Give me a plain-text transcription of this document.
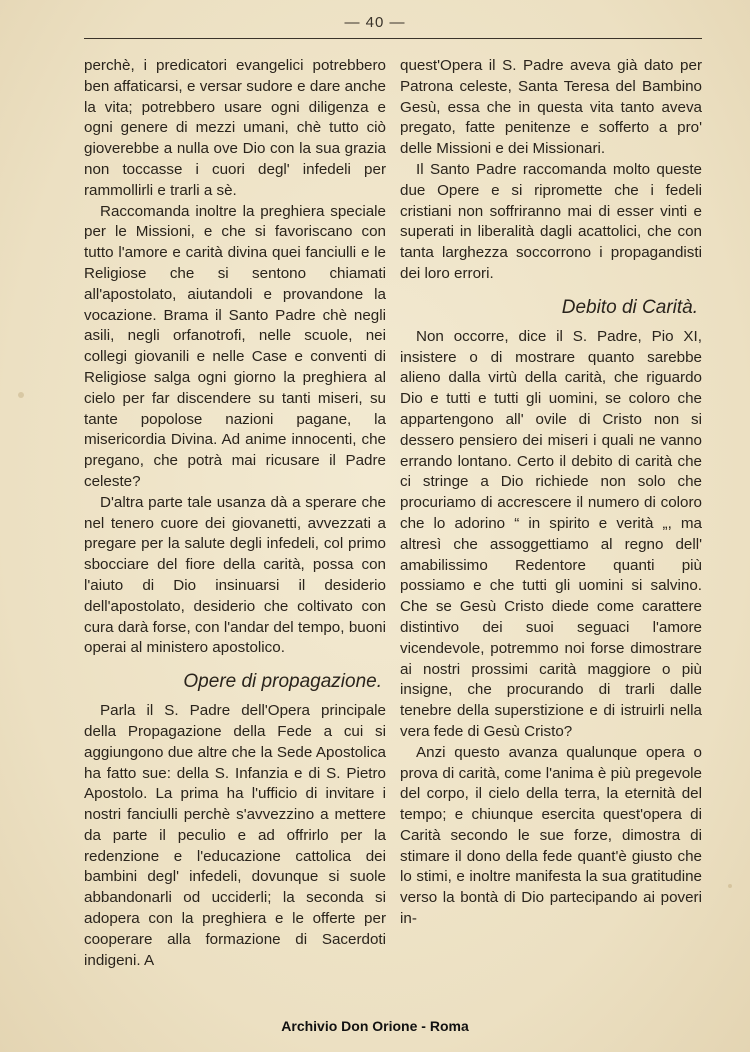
— 40 —

perchè, i predicatori evangelici potrebbero ben affaticarsi, e versar sudore e dare anche la vita; potrebbero usare ogni diligenza e ogni genere di mezzi umani, chè tutto ciò gioverebbe a nulla ove Dio con la sua grazia non toccasse i cuori degl' infedeli per rammollirli e trarli a sè.

Raccomanda inoltre la preghiera speciale per le Missioni, e che si favoriscano con tutto l'amore e carità divina quei fanciulli e le Religiose che si sentono chiamati all'apostolato, aiutandoli e provandone la vocazione. Brama il Santo Padre chè negli asili, negli orfanotrofi, nelle scuole, nei collegi giovanili e nelle Case e conventi di Religiose salga ogni giorno la preghiera al cielo per far discendere su tanti miseri, su tante popolose nazioni pagane, la misericordia Divina. Ad anime innocenti, che pregano, che potrà mai ricusare il Padre celeste?

D'altra parte tale usanza dà a sperare che nel tenero cuore dei giovanetti, avvezzati a pregare per la salute degli infedeli, col primo sbocciare del fiore della carità, possa con l'aiuto di Dio insinuarsi il desiderio dell'apostolato, desiderio che coltivato con cura darà forse, con l'andar del tempo, buoni operai al ministero apostolico.

Opere di propagazione.

Parla il S. Padre dell'Opera principale della Propagazione della Fede a cui si aggiungono due altre che la Sede Apostolica ha fatto sue: della S. Infanzia e di S. Pietro Apostolo. La prima ha l'ufficio di invitare i nostri fanciulli perchè s'avvezzino a mettere da parte il peculio e ad offrirlo per la redenzione e l'educazione cattolica dei bambini degl' infedeli, dovunque si suole abbandonarli od ucciderli; la seconda si adopera con la preghiera e le offerte per cooperare alla formazione di Sacerdoti indigeni. A

quest'Opera il S. Padre aveva già dato per Patrona celeste, Santa Teresa del Bambino Gesù, essa che in questa vita tanto aveva pregato, fatte penitenze e sofferto a pro' delle Missioni e dei Missionari.

Il Santo Padre raccomanda molto queste due Opere e si ripromette che i fedeli cristiani non soffriranno mai di esser vinti e superati in liberalità dagli acattolici, che con tanta larghezza soccorrono i propagandisti dei loro errori.

Debito di Carità.

Non occorre, dice il S. Padre, Pio XI, insistere o di mostrare quanto sarebbe alieno dalla virtù della carità, che riguardo Dio e tutti e tutti gli uomini, se coloro che appartengono all' ovile di Cristo non si dessero pensiero dei miseri i quali ne vanno errando lontano. Certo il debito di carità che ci stringe a Dio richiede non solo che procuriamo di accrescere il numero di coloro che lo adorino “ in spirito e verità „, ma altresì che assoggettiamo al regno dell' amabilissimo Redentore quanti più possiamo e che tutti gli uomini si salvino. Che se Gesù Cristo diede come carattere distintivo dei suoi seguaci l'amore vicendevole, potremmo noi forse dimostrare ai nostri prossimi carità maggiore o più insigne, che procurando di trarli dalle tenebre della superstizione e di istruirli nella vera fede di Gesù Cristo?

Anzi questo avanza qualunque opera o prova di carità, come l'anima è più pregevole del corpo, il cielo della terra, la eternità del tempo; e chiunque esercita quest'opera di Carità secondo le sue forze, dimostra di stimare il dono della fede quant'è giusto che lo stimi, e inoltre manifesta la sua gratitudine verso la bontà di Dio partecipando ai poveri in-

Archivio Don Orione - Roma
